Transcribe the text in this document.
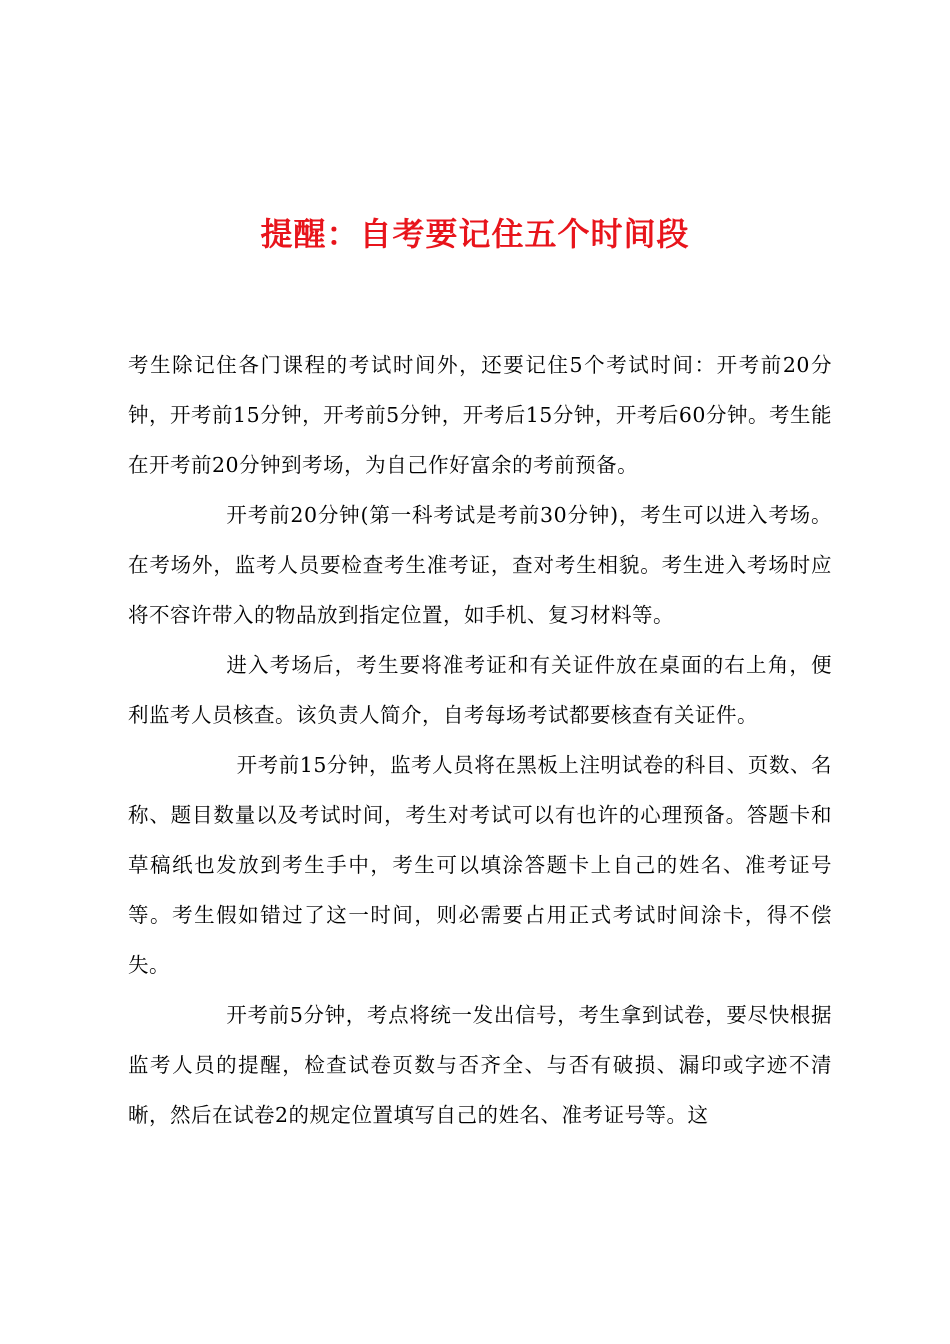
提醒：自考要记住五个时间段

考生除记住各门课程的考试时间外，还要记住5个考试时间：开考前20分钟，开考前15分钟，开考前5分钟，开考后15分钟，开考后60分钟。考生能在开考前20分钟到考场，为自己作好富余的考前预备。

开考前20分钟(第一科考试是考前30分钟)，考生可以进入考场。在考场外，监考人员要检查考生准考证，查对考生相貌。考生进入考场时应将不容许带入的物品放到指定位置，如手机、复习材料等。

进入考场后，考生要将准考证和有关证件放在桌面的右上角，便利监考人员核查。该负责人简介，自考每场考试都要核查有关证件。

开考前15分钟，监考人员将在黑板上注明试卷的科目、页数、名称、题目数量以及考试时间，考生对考试可以有也许的心理预备。答题卡和草稿纸也发放到考生手中，考生可以填涂答题卡上自己的姓名、准考证号等。考生假如错过了这一时间，则必需要占用正式考试时间涂卡，得不偿失。

开考前5分钟，考点将统一发出信号，考生拿到试卷，要尽快根据监考人员的提醒，检查试卷页数与否齐全、与否有破损、漏印或字迹不清晰，然后在试卷2的规定位置填写自己的姓名、准考证号等。这
